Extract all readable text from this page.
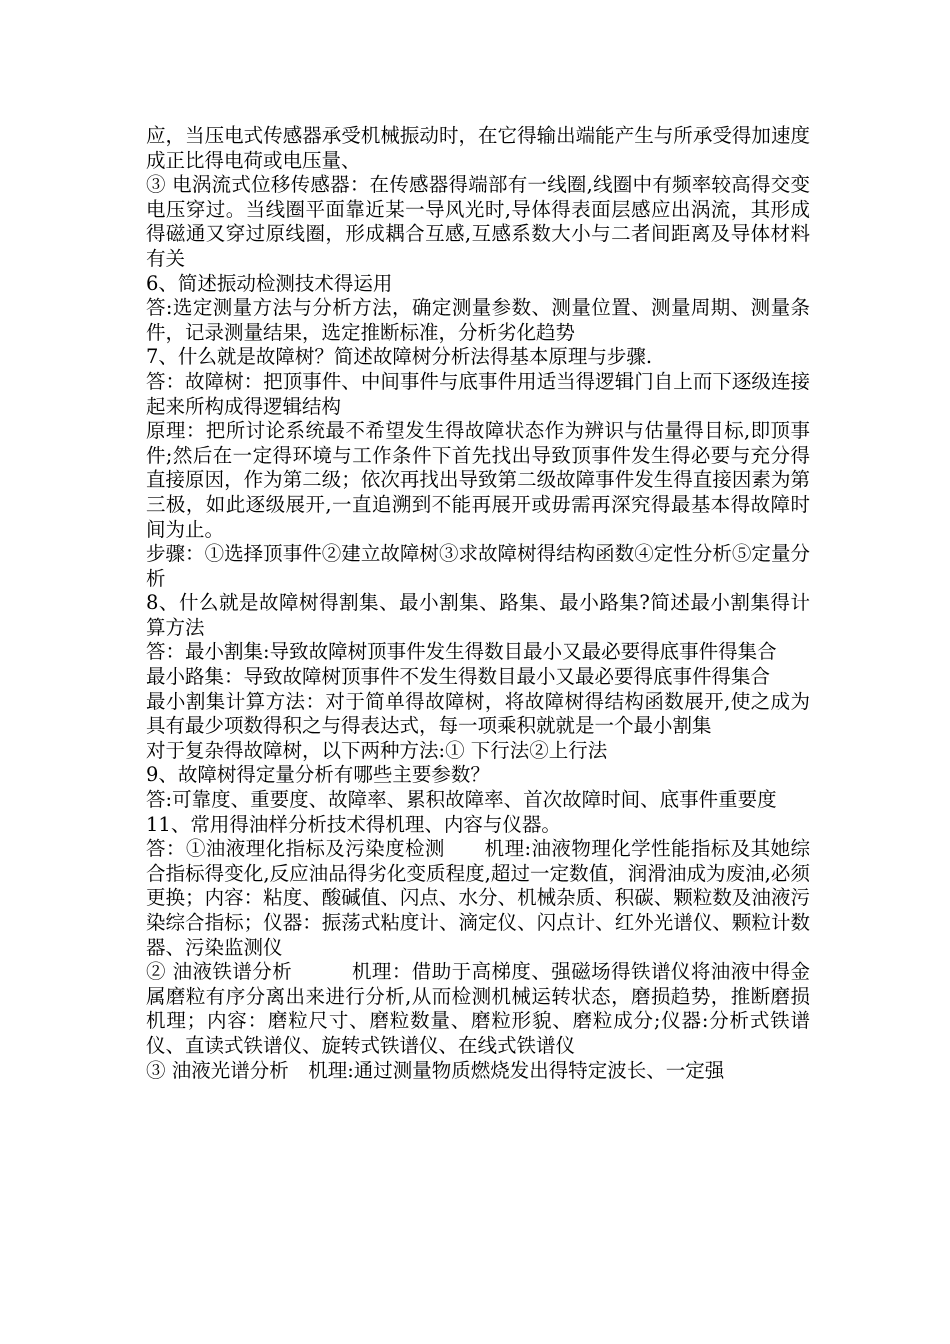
应，当压电式传感器承受机械振动时，在它得输出端能产生与所承受得加速度成正比得电荷或电压量、

③ 电涡流式位移传感器：在传感器得端部有一线圈,线圈中有频率较高得交变电压穿过。当线圈平面靠近某一导风光时,导体得表面层感应出涡流，其形成得磁通又穿过原线圈，形成耦合互感,互感系数大小与二者间距离及导体材料有关

6、简述振动检测技术得运用

答:选定测量方法与分析方法，确定测量参数、测量位置、测量周期、测量条件，记录测量结果，选定推断标准，分析劣化趋势

7、什么就是故障树？简述故障树分析法得基本原理与步骤.

答：故障树：把顶事件、中间事件与底事件用适当得逻辑门自上而下逐级连接起来所构成得逻辑结构

原理：把所讨论系统最不希望发生得故障状态作为辨识与估量得目标,即顶事件;然后在一定得环境与工作条件下首先找出导致顶事件发生得必要与充分得直接原因，作为第二级；依次再找出导致第二级故障事件发生得直接因素为第三极，如此逐级展开,一直追溯到不能再展开或毋需再深究得最基本得故障时间为止。

步骤：①选择顶事件②建立故障树③求故障树得结构函数④定性分析⑤定量分析

8、什么就是故障树得割集、最小割集、路集、最小路集?简述最小割集得计算方法

答：最小割集:导致故障树顶事件发生得数目最小又最必要得底事件得集合

最小路集：导致故障树顶事件不发生得数目最小又最必要得底事件得集合

最小割集计算方法：对于简单得故障树，将故障树得结构函数展开,使之成为具有最少项数得积之与得表达式，每一项乘积就就是一个最小割集

对于复杂得故障树，以下两种方法:① 下行法②上行法

9、故障树得定量分析有哪些主要参数？

答:可靠度、重要度、故障率、累积故障率、首次故障时间、底事件重要度

11、常用得油样分析技术得机理、内容与仪器。

答：①油液理化指标及污染度检测　　机理:油液物理化学性能指标及其她综合指标得变化,反应油品得劣化变质程度,超过一定数值，润滑油成为废油,必须更换；内容：粘度、酸碱值、闪点、水分、机械杂质、积碳、颗粒数及油液污染综合指标；仪器：振荡式粘度计、滴定仪、闪点计、红外光谱仪、颗粒计数器、污染监测仪

② 油液铁谱分析　　　机理：借助于高梯度、强磁场得铁谱仪将油液中得金属磨粒有序分离出来进行分析,从而检测机械运转状态，磨损趋势，推断磨损机理；内容：磨粒尺寸、磨粒数量、磨粒形貌、磨粒成分;仪器:分析式铁谱仪、直读式铁谱仪、旋转式铁谱仪、在线式铁谱仪

③ 油液光谱分析　机理:通过测量物质燃烧发出得特定波长、一定强
